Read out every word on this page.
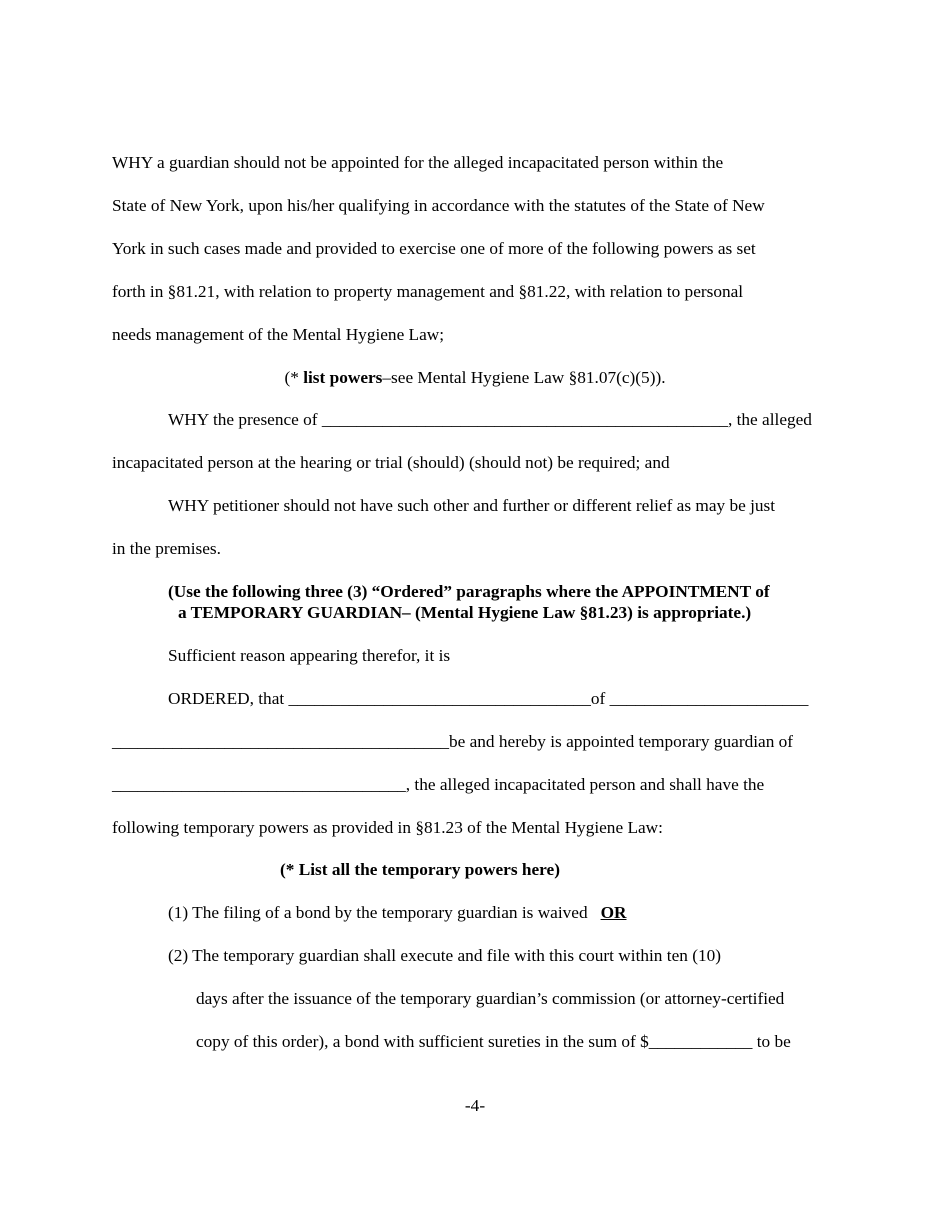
WHY a guardian should not be appointed for the alleged incapacitated person within the
State of New York, upon his/her qualifying in accordance with the statutes of the State of New
York in such cases made and provided to exercise one of more of the following powers as set
forth in §81.21, with relation to property management and §81.22, with relation to personal
needs management of the Mental Hygiene Law;
(* list powers–see Mental Hygiene Law §81.07(c)(5)).
WHY the presence of _______________________________________________, the alleged
incapacitated person at the hearing or trial (should) (should not) be required; and
WHY petitioner should not have such other and further or different relief as may be just
in the premises.
(Use the following three (3) “Ordered” paragraphs where the APPOINTMENT of
a TEMPORARY GUARDIAN– (Mental Hygiene Law §81.23) is appropriate.)
Sufficient reason appearing therefor, it is
ORDERED, that ___________________________________of _______________________
_______________________________________be and hereby is appointed temporary guardian of
__________________________________, the alleged incapacitated person and shall have the
following temporary powers as provided in §81.23 of the Mental Hygiene Law:
(* List all the temporary powers here)
(1) The filing of a bond by the temporary guardian is waived OR
(2) The temporary guardian shall execute and file with this court within ten (10)
days after the issuance of the temporary guardian’s commission (or attorney-certified
copy of this order), a bond with sufficient sureties in the sum of $____________ to be
-4-
